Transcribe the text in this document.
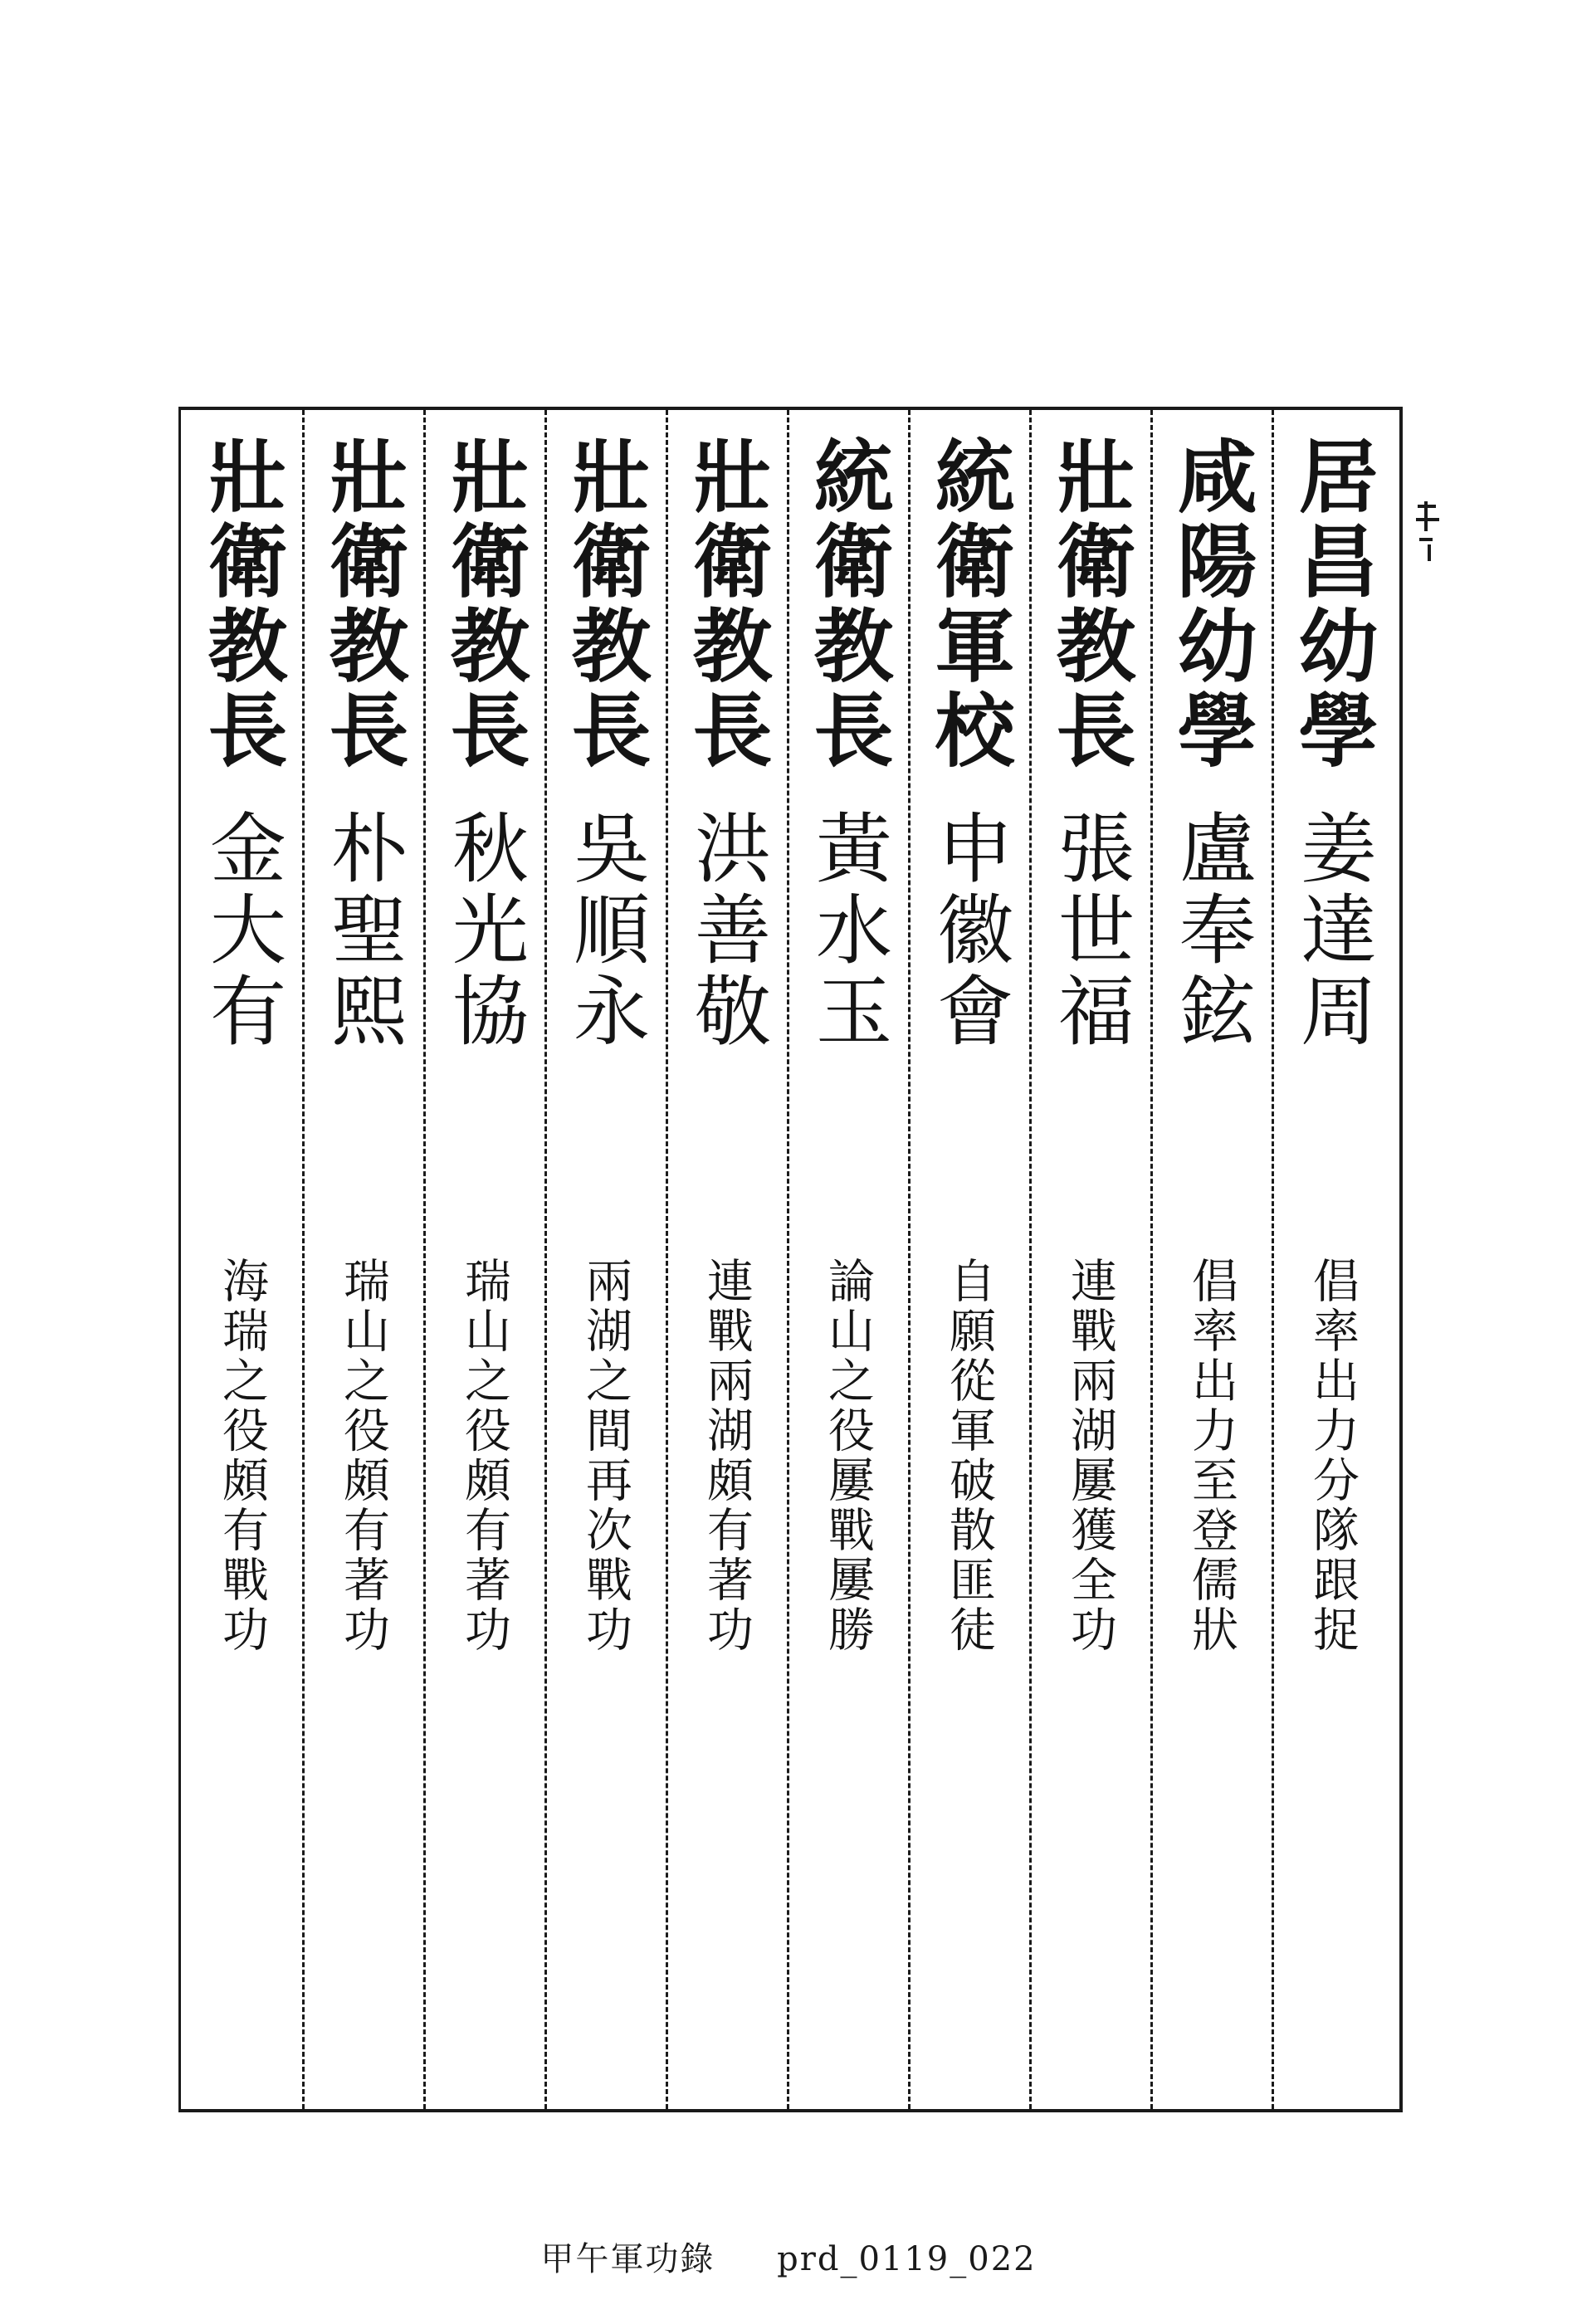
居昌幼學
姜達周
倡率出力分隊跟捉
咸陽幼學
盧奉鉉
倡率出力至登儒狀
壯衛教長
張世福
連戰兩湖屢獲全功
統衛軍校
申徽會
自願從軍破散匪徒
統衛教長
黃水玉
論山之役屢戰屢勝
壯衛教長
洪善敬
連戰兩湖頗有著功
壯衛教長
吳順永
兩湖之間再次戰功
壯衛教長
秋光協
瑞山之役頗有著功
壯衛教長
朴聖熙
瑞山之役頗有著功
壯衛教長
金大有
海瑞之役頗有戰功
甲午軍功錄 prd_0119_022
